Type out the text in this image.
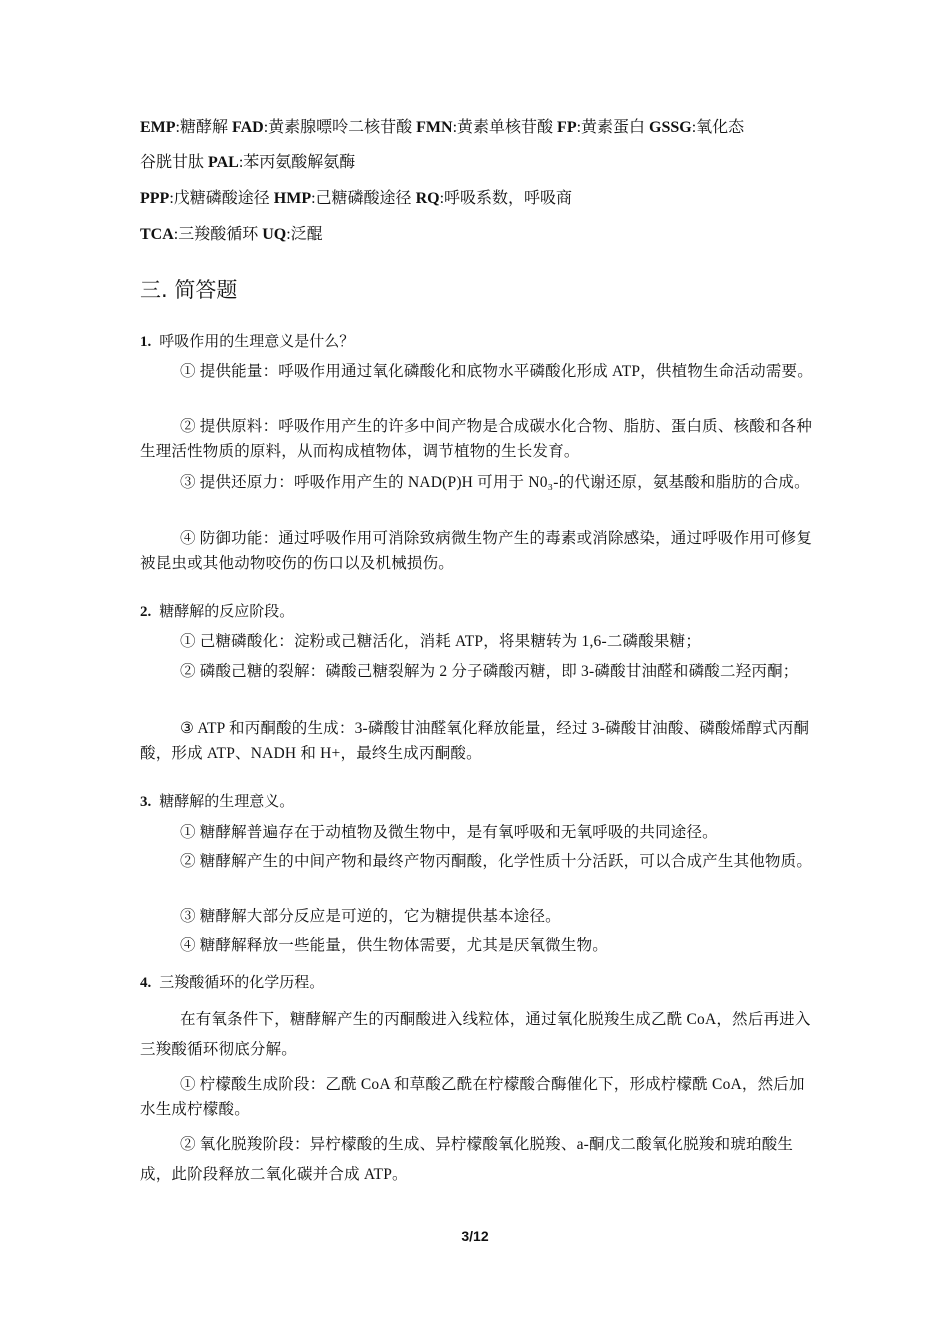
EMP:糖酵解 FAD:黄素腺嘌呤二核苷酸 FMN:黄素单核苷酸 FP:黄素蛋白 GSSG:氧化态
谷胱甘肽 PAL:苯丙氨酸解氨酶
PPP:戊糖磷酸途径 HMP:己糖磷酸途径 RQ:呼吸系数，呼吸商
TCA:三羧酸循环 UQ:泛醌
三. 简答题
1. 呼吸作用的生理意义是什么？
① 提供能量：呼吸作用通过氧化磷酸化和底物水平磷酸化形成 ATP，供植物生命活动需要。
② 提供原料：呼吸作用产生的许多中间产物是合成碳水化合物、脂肪、蛋白质、核酸和各种生理活性物质的原料，从而构成植物体，调节植物的生长发育。
③ 提供还原力：呼吸作用产生的 NAD(P)H 可用于 N0₃-的代谢还原，氨基酸和脂肪的合成。
④ 防御功能：通过呼吸作用可消除致病微生物产生的毒素或消除感染，通过呼吸作用可修复被昆虫或其他动物咬伤的伤口以及机械损伤。
2. 糖酵解的反应阶段。
① 己糖磷酸化：淀粉或己糖活化，消耗 ATP，将果糖转为 1,6-二磷酸果糖；
② 磷酸己糖的裂解：磷酸己糖裂解为 2 分子磷酸丙糖，即 3-磷酸甘油醛和磷酸二羟丙酮；
③ ATP 和丙酮酸的生成：3-磷酸甘油醛氧化释放能量，经过 3-磷酸甘油酸、磷酸烯醇式丙酮酸，形成 ATP、NADH 和 H+，最终生成丙酮酸。
3. 糖酵解的生理意义。
① 糖酵解普遍存在于动植物及微生物中，是有氧呼吸和无氧呼吸的共同途径。
② 糖酵解产生的中间产物和最终产物丙酮酸，化学性质十分活跃，可以合成产生其他物质。
③ 糖酵解大部分反应是可逆的，它为糖提供基本途径。
④ 糖酵解释放一些能量，供生物体需要，尤其是厌氧微生物。
4. 三羧酸循环的化学历程。
在有氧条件下，糖酵解产生的丙酮酸进入线粒体，通过氧化脱羧生成乙酰 CoA，然后再进入三羧酸循环彻底分解。
① 柠檬酸生成阶段：乙酰 CoA 和草酸乙酰在柠檬酸合酶催化下，形成柠檬酰 CoA，然后加水生成柠檬酸。
② 氧化脱羧阶段：异柠檬酸的生成、异柠檬酸氧化脱羧、a-酮戊二酸氧化脱羧和琥珀酸生成，此阶段释放二氧化碳并合成 ATP。
3/12
